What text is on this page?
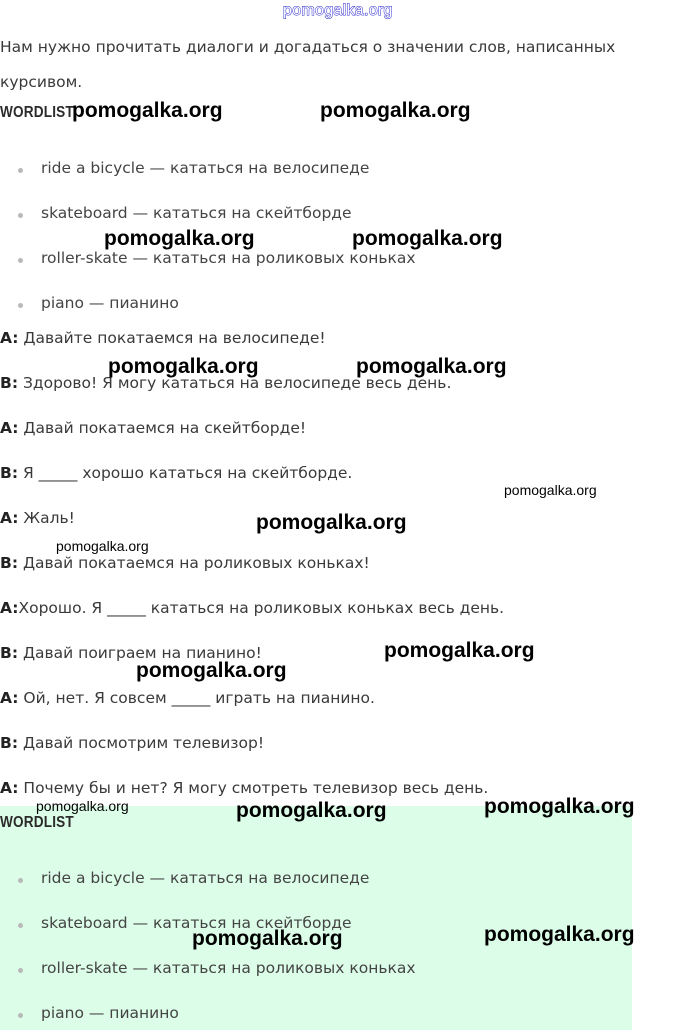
pomogalka.org
Нам нужно прочитать диалоги и догадаться о значении слов, написанных курсивом.
WORDLIST
ride a bicycle — кататься на велосипеде
skateboard — кататься на скейтборде
roller-skate — кататься на роликовых коньках
piano — пианино
A: Давайте покатаемся на велосипеде!
B: Здорово! Я могу кататься на велосипеде весь день.
A: Давай покатаемся на скейтборде!
B: Я _____ хорошо кататься на скейтборде.
A: Жаль!
B: Давай покатаемся на роликовых коньках!
A:Хорошо. Я _____ кататься на роликовых коньках весь день.
B: Давай поиграем на пианино!
A: Ой, нет. Я совсем _____ играть на пианино.
B: Давай посмотрим телевизор!
A: Почему бы и нет? Я могу смотреть телевизор весь день.
WORDLIST
ride a bicycle — кататься на велосипеде
skateboard — кататься на скейтборде
roller-skate — кататься на роликовых коньках
piano — пианино
pomogalka.org	pomogalka.org
pomogalka.org	pomogalka.org
pomogalka.org	pomogalka.org
pomogalka.org
pomogalka.org
pomogalka.org
pomogalka.org
pomogalka.org
pomogalka.org	pomogalka.org	pomogalka.org
pomogalka.org	pomogalka.org
